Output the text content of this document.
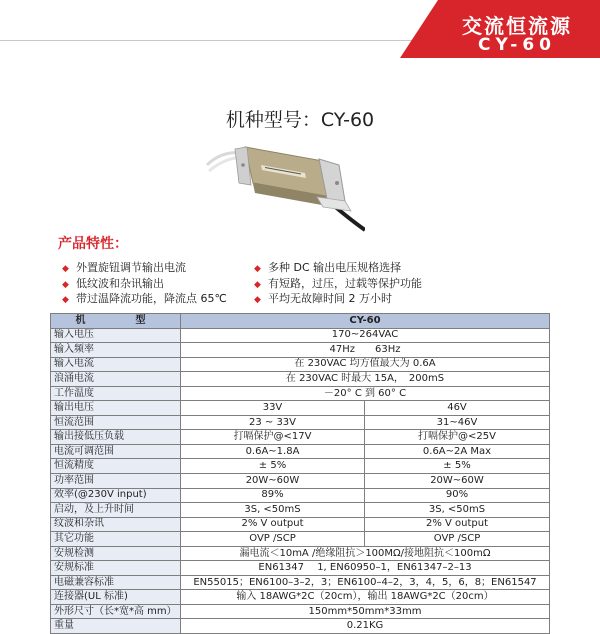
交流恒流源
CY-60
机种型号：CY-60
产品特性：
◆ 外置旋钮调节输出电流
◆ 低纹波和杂讯输出
◆ 带过温降流功能，降流点 65℃
◆ 多种 DC 输出电压规格选择
◆ 有短路，过压，过载等保护功能
◆ 平均无故障时间 2 万小时
机　　型	CY-60	
输入电压	170~264VAC	
输入频率	47Hz　　63Hz	
输入电流	在 230VAC 均方值最大为 0.6A	
浪涌电流	在 230VAC 时最大 15A，　200mS	
工作温度	－20° C 到 60° C	
输出电压	33V	46V
恒流范围	23 ~ 33V	31~46V
输出接低压负载	打嗝保护@<17V	打嗝保护@<25V
电流可调范围	0.6A~1.8A	0.6A~2A Max
恒流精度	± 5%	± 5%
功率范围	20W~60W	20W~60W
效率(@230V input)	89%	90%
启动，及上升时间	3S, <50mS	3S, <50mS
纹波和杂讯	2% V output	2% V output
其它功能	OVP /SCP	OVP /SCP
安规检测	漏电流＜10mA /绝缘阻抗＞100MΩ/接地阻抗＜100mΩ	
安规标准	EN61347　 1, EN60950–1，EN61347–2–13	
电磁兼容标准	EN55015；EN6100–3–2，3；EN6100–4–2，3，4，5，6，8；EN61547	
连接器(UL 标准)	输入 18AWG*2C（20cm），输出 18AWG*2C（20cm）	
外形尺寸（长*宽*高 mm）	150mm*50mm*33mm	
重量	0.21KG	
